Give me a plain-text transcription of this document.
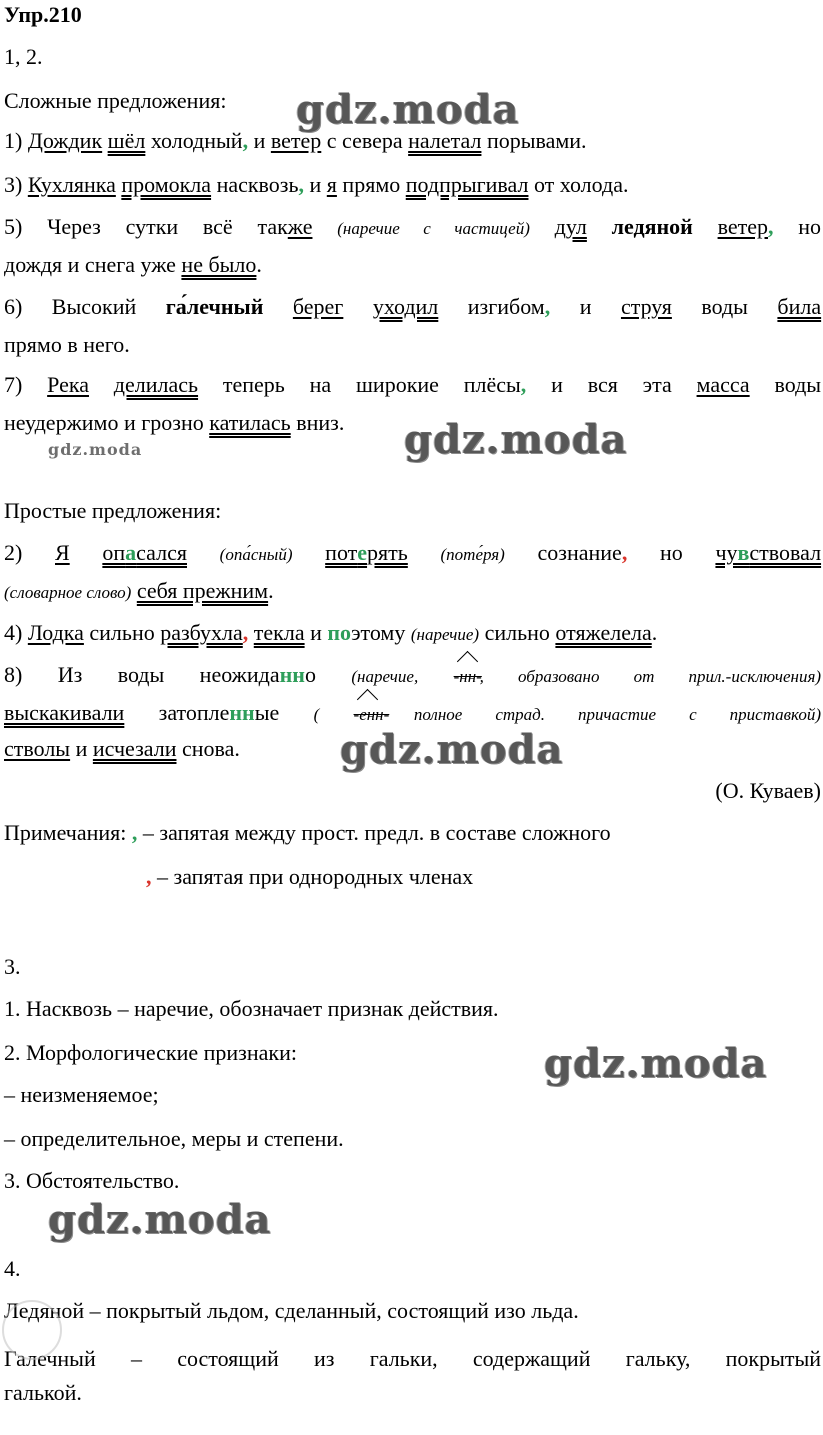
Упр.210
1, 2.
Сложные предложения:
1) Дождик шёл холодный, и ветер с севера налетал порывами.
3) Кухлянка промокла насквозь, и я прямо подпрыгивал от холода.
5) Через сутки всё также (наречие с частицей) дул ледяной ветер, но
дождя и снега уже не было.
6) Высокий га́лечный берег уходил изгибом, и струя воды била
прямо в него.
7) Река делилась теперь на широкие плёсы, и вся эта масса воды
неудержимо и грозно катилась вниз.
Простые предложения:
2) Я опасался (опа́сный) потерять (поте́ря) сознание, но чувствовал
(словарное слово) себя прежним.
4) Лодка сильно разбухла, текла и поэтому (наречие) сильно отяжелела.
8) Из воды неожиданно (наречие, -нн-, образовано от прил.-исключения)
выскакивали затопленные ( -енн- полное страд. причастие с приставкой)
стволы и исчезали снова.
(О. Куваев)
Примечания: , – запятая между прост. предл. в составе сложного
, – запятая при однородных членах
3.
1. Насквозь – наречие, обозначает признак действия.
2. Морфологические признаки:
– неизменяемое;
– определительное, меры и степени.
3. Обстоятельство.
4.
Ледяной – покрытый льдом, сделанный, состоящий изо льда.
Галечный – состоящий из гальки, содержащий гальку, покрытый
галькой.
gdz.moda
gdz.moda
gdz.moda
gdz.moda
gdz.moda
gdz.moda
